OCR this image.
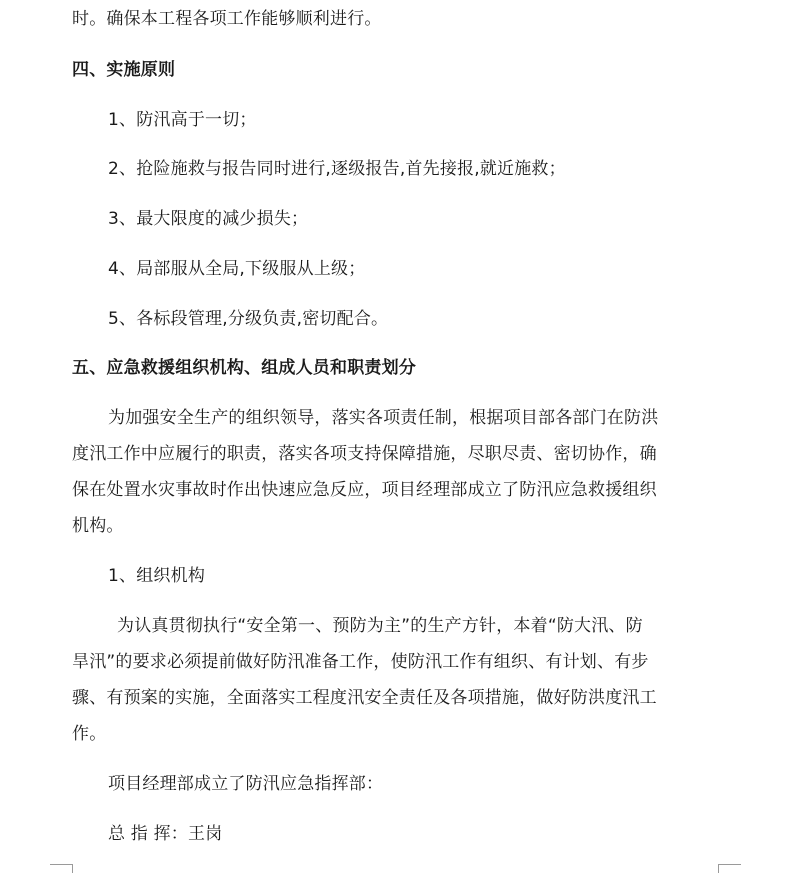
时。确保本工程各项工作能够顺利进行。
四、实施原则
1、防汛高于一切；
2、抢险施救与报告同时进行,逐级报告,首先接报,就近施救；
3、最大限度的减少损失；
4、局部服从全局,下级服从上级；
5、各标段管理,分级负责,密切配合。
五、应急救援组织机构、组成人员和职责划分
为加强安全生产的组织领导，落实各项责任制，根据项目部各部门在防洪
度汛工作中应履行的职责，落实各项支持保障措施，尽职尽责、密切协作，确
保在处置水灾事故时作出快速应急反应，项目经理部成立了防汛应急救援组织
机构。
1、组织机构
为认真贯彻执行“安全第一、预防为主”的生产方针，本着“防大汛、防
旱汛”的要求必须提前做好防汛准备工作，使防汛工作有组织、有计划、有步
骤、有预案的实施，全面落实工程度汛安全责任及各项措施，做好防洪度汛工
作。
项目经理部成立了防汛应急指挥部：
总 指 挥：王岗
